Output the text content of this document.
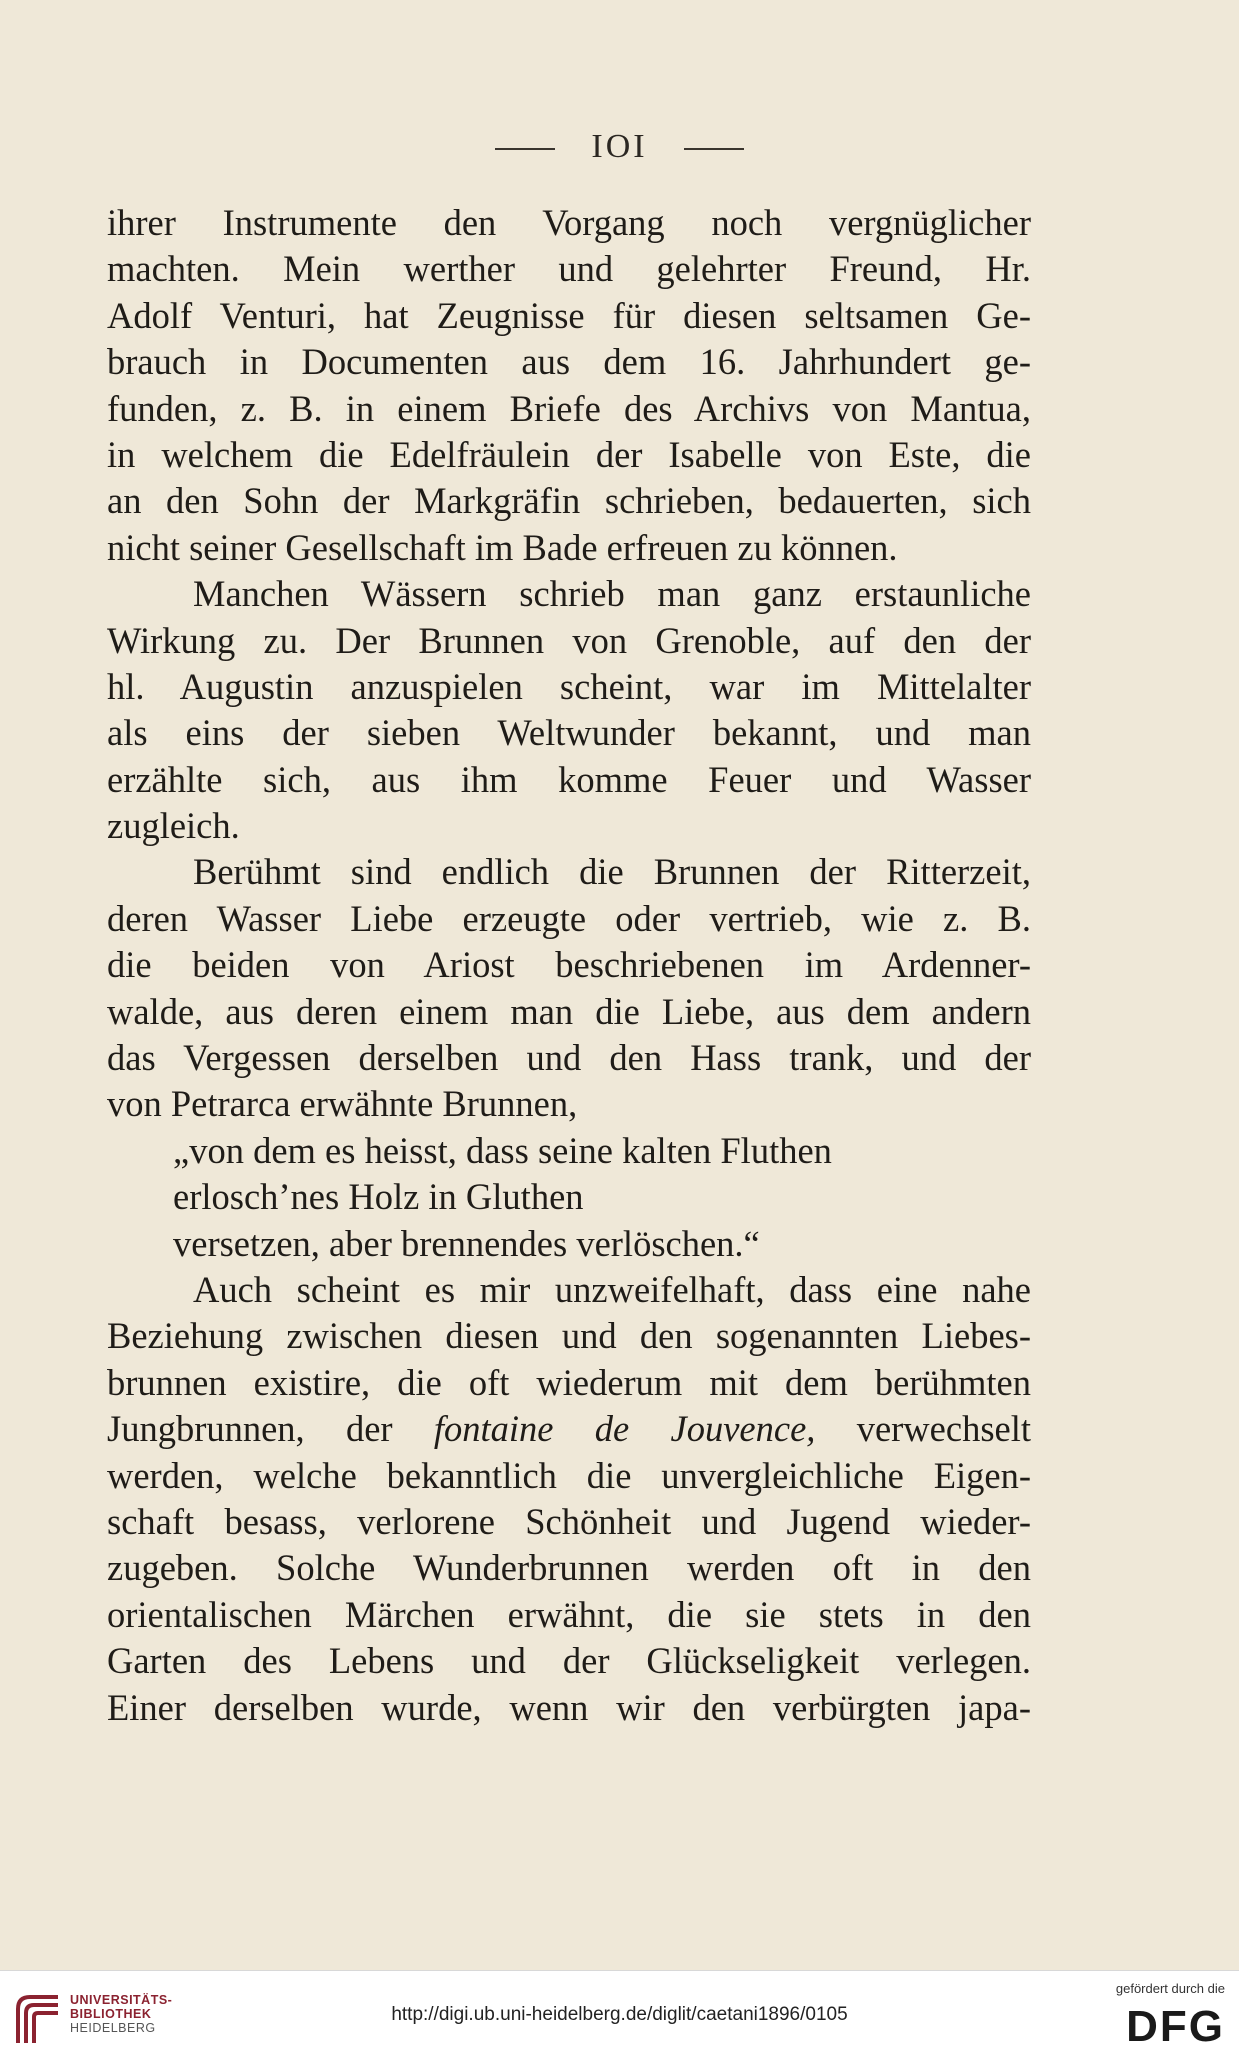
IOI
ihrer Instrumente den Vorgang noch vergnüglicher
machten. Mein werther und gelehrter Freund, Hr.
Adolf Venturi, hat Zeugnisse für diesen seltsamen Ge-
brauch in Documenten aus dem 16. Jahrhundert ge-
funden, z. B. in einem Briefe des Archivs von Mantua,
in welchem die Edelfräulein der Isabelle von Este, die
an den Sohn der Markgräfin schrieben, bedauerten, sich
nicht seiner Gesellschaft im Bade erfreuen zu können.
Manchen Wässern schrieb man ganz erstaunliche
Wirkung zu. Der Brunnen von Grenoble, auf den der
hl. Augustin anzuspielen scheint, war im Mittelalter
als eins der sieben Weltwunder bekannt, und man
erzählte sich, aus ihm komme Feuer und Wasser
zugleich.
Berühmt sind endlich die Brunnen der Ritterzeit,
deren Wasser Liebe erzeugte oder vertrieb, wie z. B.
die beiden von Ariost beschriebenen im Ardenner-
walde, aus deren einem man die Liebe, aus dem andern
das Vergessen derselben und den Hass trank, und der
von Petrarca erwähnte Brunnen,
„von dem es heisst, dass seine kalten Fluthen
erlosch’nes Holz in Gluthen
versetzen, aber brennendes verlöschen.“
Auch scheint es mir unzweifelhaft, dass eine nahe
Beziehung zwischen diesen und den sogenannten Liebes-
brunnen existire, die oft wiederum mit dem berühmten
Jungbrunnen, der fontaine de Jouvence, verwechselt
werden, welche bekanntlich die unvergleichliche Eigen-
schaft besass, verlorene Schönheit und Jugend wieder-
zugeben. Solche Wunderbrunnen werden oft in den
orientalischen Märchen erwähnt, die sie stets in den
Garten des Lebens und der Glückseligkeit verlegen.
Einer derselben wurde, wenn wir den verbürgten japa-
UNIVERSITÄTS-
BIBLIOTHEK
HEIDELBERG
http://digi.ub.uni-heidelberg.de/diglit/caetani1896/0105
gefördert durch die
DFG
